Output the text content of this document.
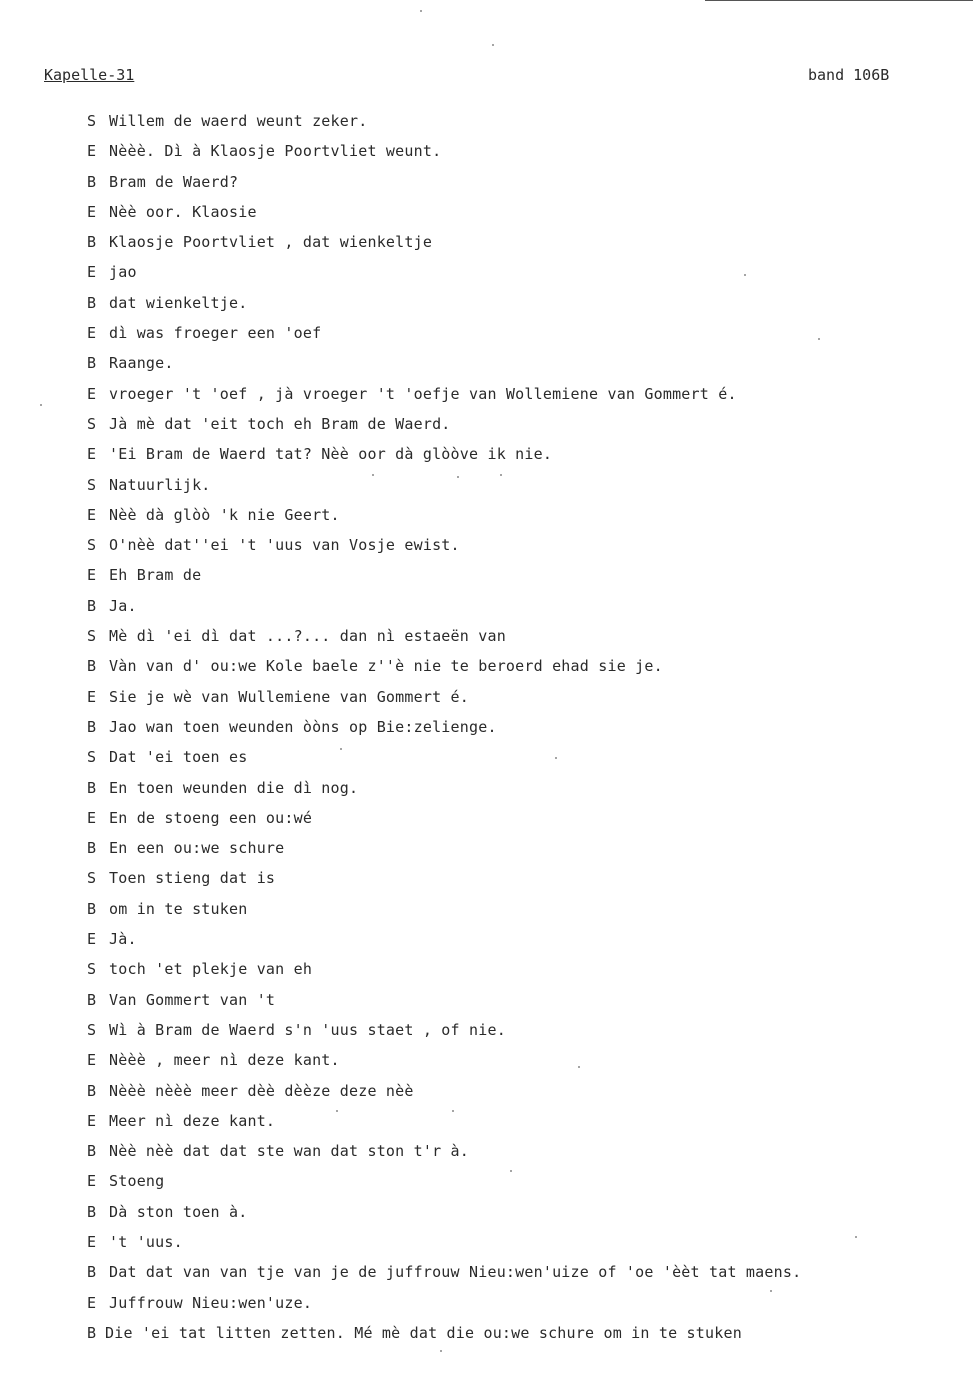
Kapelle-31	band 106B
S Willem de waerd weunt zeker.
E Nèèè. Dì à Klaosje Poortvliet weunt.
B Bram de Waerd?
E Nèè oor. Klaosie
B Klaosje Poortvliet , dat wienkeltje
E jao
B dat wienkeltje.
E dì was froeger een 'oef
B Raange.
E vroeger 't 'oef , jà vroeger 't 'oefje van Wollemiene van Gommert é.
S Jà mè dat 'eit toch eh Bram de Waerd.
E 'Ei Bram de Waerd tat? Nèè oor dà glòòve ik nie.
S Natuurlijk.
E Nèè dà glòò 'k nie Geert.
S O'nèè dat''ei 't 'uus van Vosje ewist.
E Eh Bram de
B Ja.
S Mè dì 'ei dì dat ...?... dan nì estaeën van
B Vàn van d' ou:we Kole baele z''è nie te beroerd ehad sie je.
E Sie je wè van Wullemiene van Gommert é.
B Jao wan toen weunden òòns op Bie:zelienge.
S Dat 'ei toen es
B En toen weunden die dì nog.
E En de stoeng een ou:wé
B En een ou:we schure
S Toen stieng dat is
B om in te stuken
E Jà.
S toch 'et plekje van eh
B Van Gommert van 't
S Wì à Bram de Waerd s'n 'uus staet , of nie.
E Nèèè , meer nì deze kant.
B Nèèè nèèè meer dèè dèèze deze nèè
E Meer nì deze kant.
B Nèè nèè dat dat ste wan dat ston t'r à.
E Stoeng
B Dà ston toen à.
E 't 'uus.
B Dat dat van van tje van je de juffrouw Nieu:wen'uize of 'oe 'èèt tat maens.
E Juffrouw Nieu:wen'uze.
B Die 'ei tat litten zetten. Mé mè dat die ou:we schure om in te stuken
